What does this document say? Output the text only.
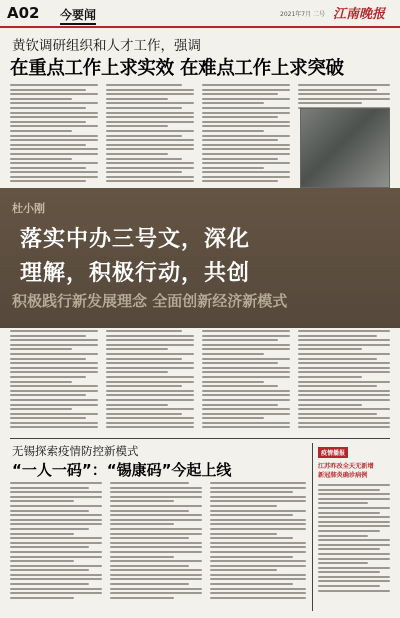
A02 今要闻	2021年7月 二号 江南晚报
黄钦调研组织和人才工作，强调
在重点工作上求实效 在难点工作上求突破
杜小刚
积极践行新发展理念 全面创新经济新模式
落实中办三号文，深化
理解，积极行动，共创
无锡探索疫情防控新模式
“一人一码”：“锡康码”今起上线
疫情播报
江苏昨改全天无新增
新冠肺炎确诊病例
